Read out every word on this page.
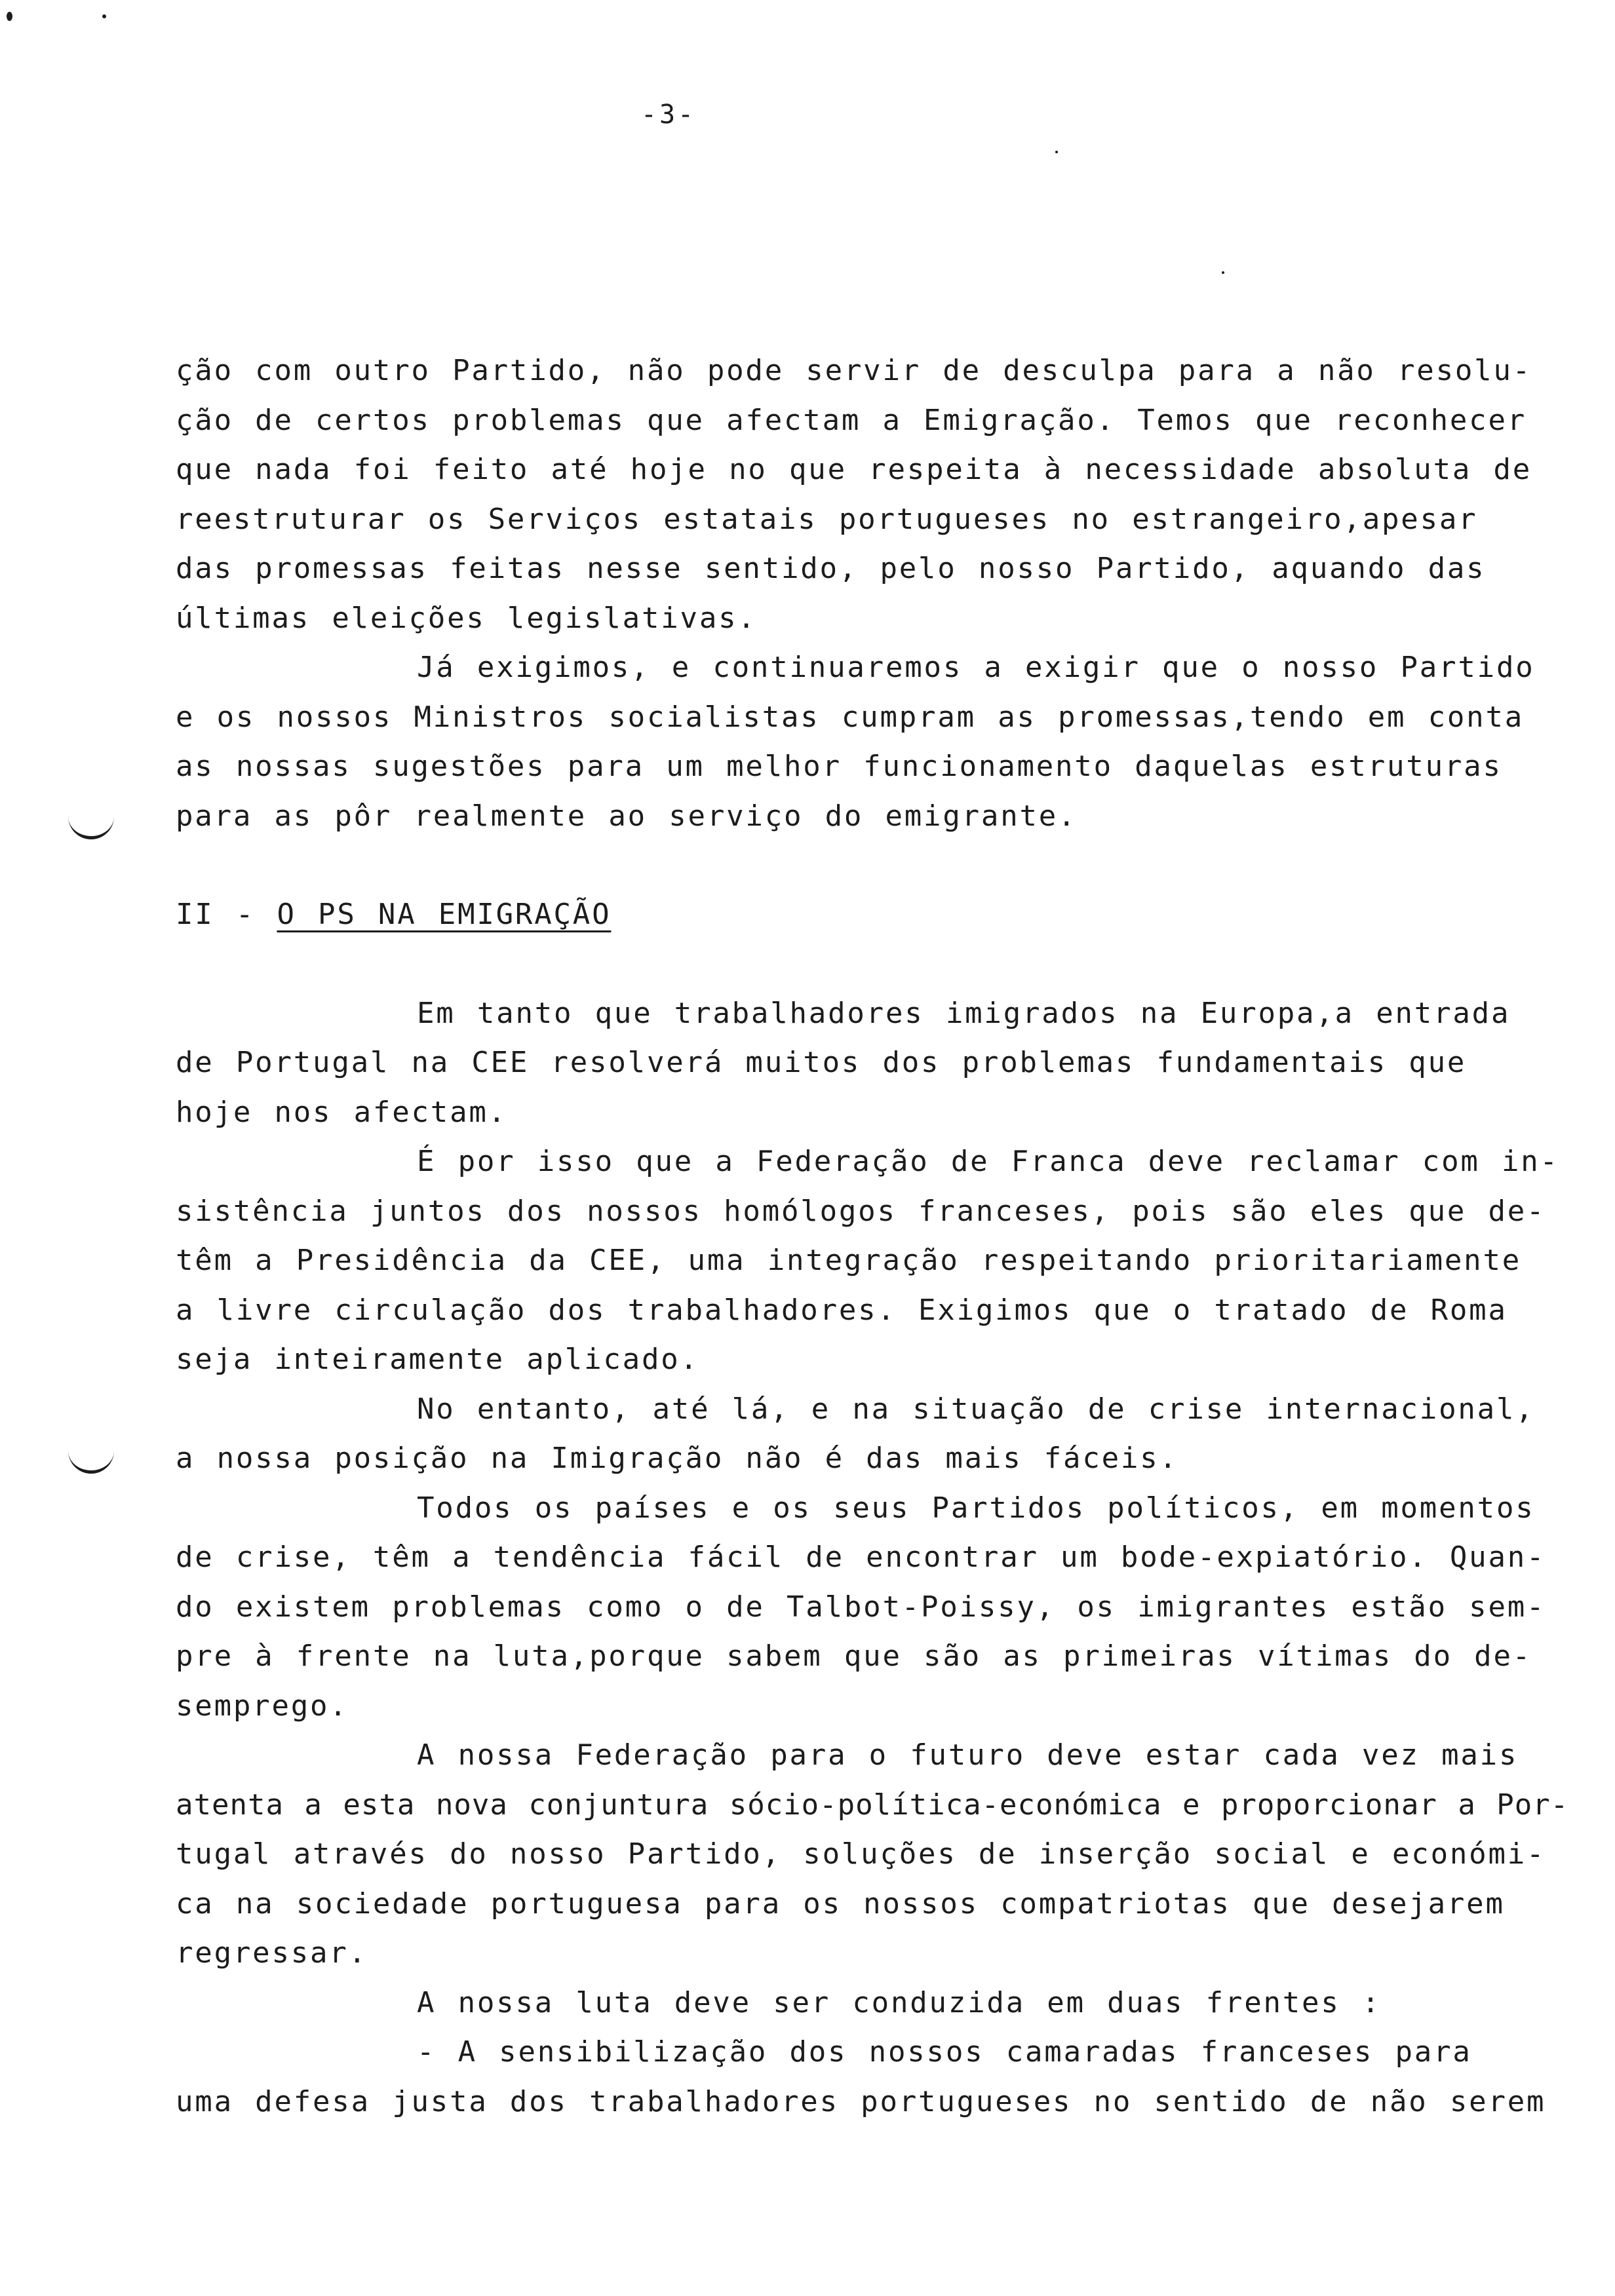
-3-
ção com outro Partido, não pode servir de desculpa para a não resolu-
ção de certos problemas que afectam a Emigração. Temos que reconhecer
que nada foi feito até hoje no que respeita à necessidade absoluta de
reestruturar os Serviços estatais portugueses no estrangeiro,apesar
das promessas feitas nesse sentido, pelo nosso Partido, aquando das
últimas eleições legislativas.
Já exigimos, e continuaremos a exigir que o nosso Partido
e os nossos Ministros socialistas cumpram as promessas,tendo em conta
as nossas sugestões para um melhor funcionamento daquelas estruturas
para as pôr realmente ao serviço do emigrante.
II - O PS NA EMIGRAÇÃO
Em tanto que trabalhadores imigrados na Europa,a entrada
de Portugal na CEE resolverá muitos dos problemas fundamentais que
hoje nos afectam.
É por isso que a Federação de Franca deve reclamar com in-
sistência juntos dos nossos homólogos franceses, pois são eles que de-
têm a Presidência da CEE, uma integração respeitando prioritariamente
a livre circulação dos trabalhadores. Exigimos que o tratado de Roma
seja inteiramente aplicado.
No entanto, até lá, e na situação de crise internacional,
a nossa posição na Imigração não é das mais fáceis.
Todos os países e os seus Partidos políticos, em momentos
de crise, têm a tendência fácil de encontrar um bode-expiatório. Quan-
do existem problemas como o de Talbot-Poissy, os imigrantes estão sem-
pre à frente na luta,porque sabem que são as primeiras vítimas do de-
semprego.
A nossa Federação para o futuro deve estar cada vez mais
atenta a esta nova conjuntura sócio-política-económica e proporcionar a Por-
tugal através do nosso Partido, soluções de inserção social e económi-
ca na sociedade portuguesa para os nossos compatriotas que desejarem
regressar.
A nossa luta deve ser conduzida em duas frentes :
- A sensibilização dos nossos camaradas franceses para
uma defesa justa dos trabalhadores portugueses no sentido de não serem
